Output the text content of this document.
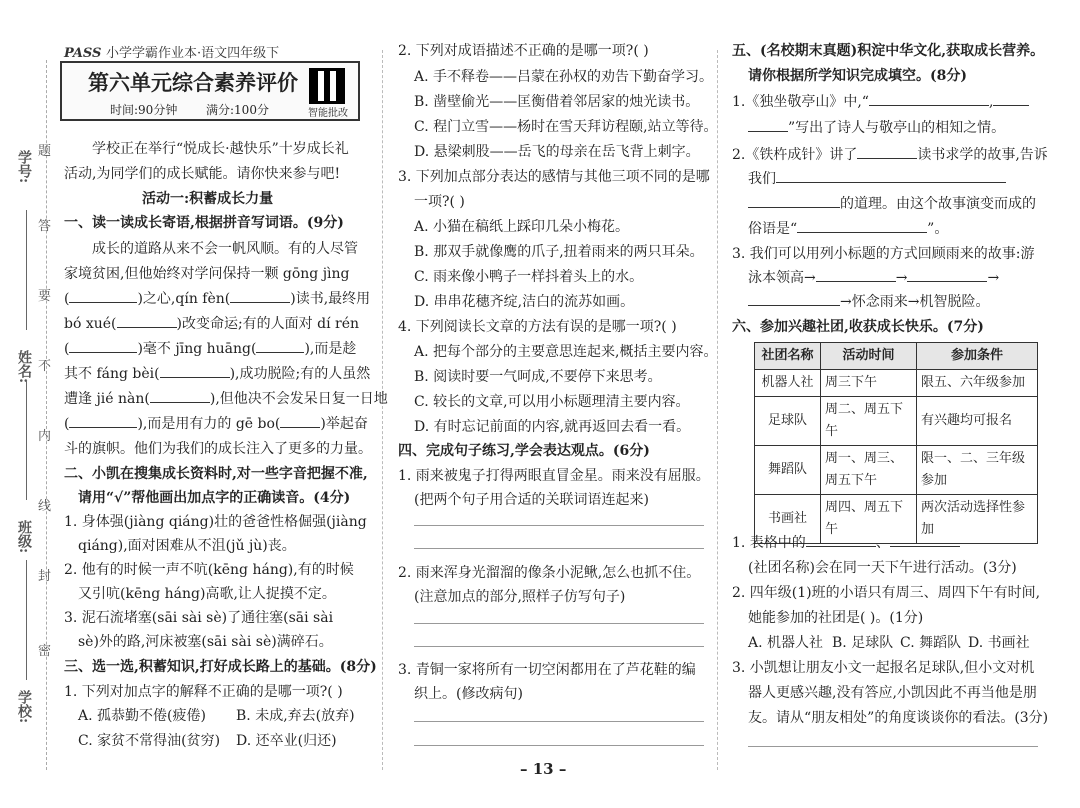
学号:
姓名:
班级:
学校:
题
答
要
不
内
线
封
密
PASS 小学学霸作业本·语文四年级下
第六单元综合素养评价
时间:90分钟 满分:100分	智能批改
学校正在举行“悦成长·越快乐”十岁成长礼
活动,为同学们的成长赋能。请你快来参与吧!
活动一:积蓄成长力量
一、读一读成长寄语,根据拼音写词语。(9分)
成长的道路从来不会一帆风顺。有的人尽管
家境贫困,但他始终对学问保持一颗 gōng jìng
(	)之心,qín fèn(	)读书,最终用
bó xué(	)改变命运;有的人面对 dí rén
(	)毫不 jīng huāng(	),而是趁
其不 fáng bèi(	),成功脱险;有的人虽然
遭逢 jié nàn(	),但他决不会发呆日复一日地
(	),而是用有力的 gē bo(	)举起奋
斗的旗帜。他们为我们的成长注入了更多的力量。
二、小凯在搜集成长资料时,对一些字音把握不准,
请用“√”帮他画出加点字的正确读音。(4分)
1. 身体强(jiàng qiáng)壮的爸爸性格倔强(jiàng
qiáng),面对困难从不沮(jǔ jù)丧。
2. 他有的时候一声不吭(kēng háng),有的时候
又引吭(kēng háng)高歌,让人捉摸不定。
3. 泥石流堵塞(sāi sài sè)了通往塞(sāi sài
sè)外的路,河床被塞(sāi sài sè)满碎石。
三、选一选,积蓄知识,打好成长路上的基础。(8分)
1. 下列对加点字的解释不正确的是哪一项?( )
A. 孤恭勤不倦(疲倦) B. 未成,弃去(放弃)
C. 家贫不常得油(贫穷) D. 还卒业(归还)
2. 下列对成语描述不正确的是哪一项?( )
A. 手不释卷——吕蒙在孙权的劝告下勤奋学习。
B. 凿壁偷光——匡衡借着邻居家的烛光读书。
C. 程门立雪——杨时在雪天拜访程颐,站立等待。
D. 悬梁刺股——岳飞的母亲在岳飞背上刺字。
3. 下列加点部分表达的感情与其他三项不同的是哪
一项?( )
A. 小猫在稿纸上踩印几朵小梅花。
B. 那双手就像鹰的爪子,扭着雨来的两只耳朵。
C. 雨来像小鸭子一样抖着头上的水。
D. 串串花穗齐绽,洁白的流苏如画。
4. 下列阅读长文章的方法有误的是哪一项?( )
A. 把每个部分的主要意思连起来,概括主要内容。
B. 阅读时要一气呵成,不要停下来思考。
C. 较长的文章,可以用小标题理清主要内容。
D. 有时忘记前面的内容,就再返回去看一看。
四、完成句子练习,学会表达观点。(6分)
1. 雨来被鬼子打得两眼直冒金星。雨来没有屈服。
(把两个句子用合适的关联词语连起来)
2. 雨来浑身光溜溜的像条小泥鳅,怎么也抓不住。
(注意加点的部分,照样子仿写句子)
3. 青铜一家将所有一切空闲都用在了芦花鞋的编
织上。(修改病句)
五、(名校期末真题)积淀中华文化,获取成长营养。
请你根据所学知识完成填空。(8分)
1.《独坐敬亭山》中,“	,
”写出了诗人与敬亭山的相知之情。
2.《铁杵成针》讲了	读书求学的故事,告诉
我们
的道理。由这个故事演变而成的
俗语是“	”。
3. 我们可以用列小标题的方式回顾雨来的故事:游
泳本领高→	→	→
→怀念雨来→机智脱险。
六、参加兴趣社团,收获成长快乐。(7分)
社团名称	活动时间	参加条件
机器人社	周三下午	限五、六年级参加
足球队	周二、周五下午	有兴趣均可报名
舞蹈队	周一、周三、周五下午	限一、二、三年级参加
书画社	周四、周五下午	两次活动选择性参加
1. 表格中的	、
(社团名称)会在同一天下午进行活动。(3分)
2. 四年级(1)班的小语只有周三、周四下午有时间,
她能参加的社团是( )。(1分)
A. 机器人社 B. 足球队 C. 舞蹈队 D. 书画社
3. 小凯想让朋友小文一起报名足球队,但小文对机
器人更感兴趣,没有答应,小凯因此不再当他是朋
友。请从“朋友相处”的角度谈谈你的看法。(3分)
– 13 –
